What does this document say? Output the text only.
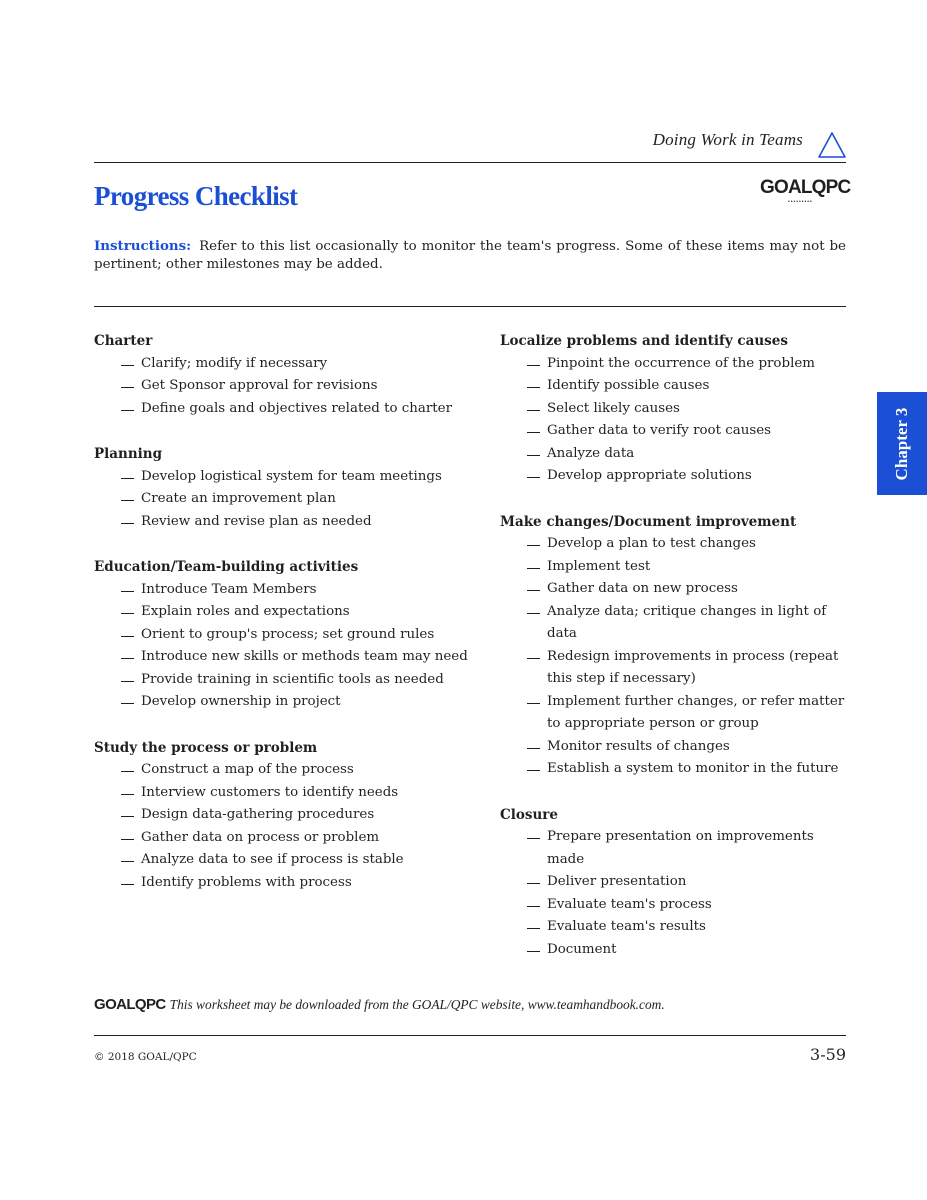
Doing Work in Teams
Progress Checklist	GOALQPC
•••••••••
Instructions: Refer to this list occasionally to monitor the team's progress. Some of these items may not be pertinent; other milestones may be added.
Charter
Clarify; modify if necessary
Get Sponsor approval for revisions
Define goals and objectives related to charter
Planning
Develop logistical system for team meetings
Create an improvement plan
Review and revise plan as needed
Education/Team-building activities
Introduce Team Members
Explain roles and expectations
Orient to group's process; set ground rules
Introduce new skills or methods team may need
Provide training in scientific tools as needed
Develop ownership in project
Study the process or problem
Construct a map of the process
Interview customers to identify needs
Design data-gathering procedures
Gather data on process or problem
Analyze data to see if process is stable
Identify problems with process
Localize problems and identify causes
Pinpoint the occurrence of the problem
Identify possible causes
Select likely causes
Gather data to verify root causes
Analyze data
Develop appropriate solutions
Make changes/Document improvement
Develop a plan to test changes
Implement test
Gather data on new process
Analyze data; critique changes in light of data
Redesign improvements in process (repeat this step if necessary)
Implement further changes, or refer matter to appropriate person or group
Monitor results of changes
Establish a system to monitor in the future
Closure
Prepare presentation on improvements made
Deliver presentation
Evaluate team's process
Evaluate team's results
Document
Chapter 3
GOALQPC This worksheet may be downloaded from the GOAL/QPC website, www.teamhandbook.com.
© 2018 GOAL/QPC	3-59
